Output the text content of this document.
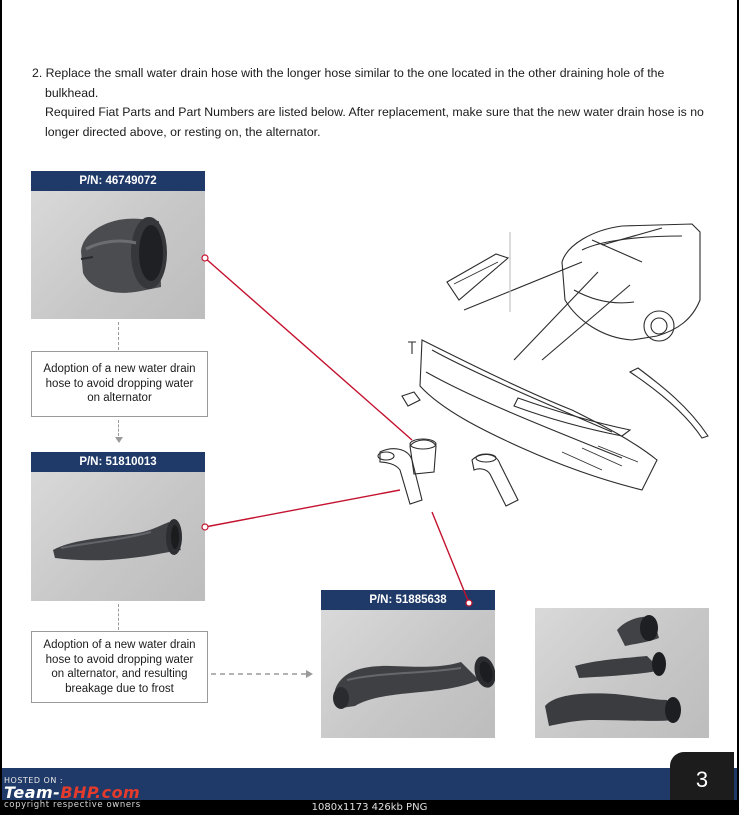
2. Replace the small water drain hose with the longer hose similar to the one located in the other draining hole of the bulkhead.
Required Fiat Parts and Part Numbers are listed below. After replacement, make sure that the new water drain hose is no longer directed above, or resting on, the alternator.
P/N: 46749072
Adoption of a new water drain hose to avoid dropping water on alternator
P/N: 51810013
Adoption of a new water drain hose to avoid dropping water on alternator, and resulting breakage due to frost
P/N: 51885638
3
HOSTED ON :
Team-BHP.com
copyright respective owners	1080x1173 426kb PNG
